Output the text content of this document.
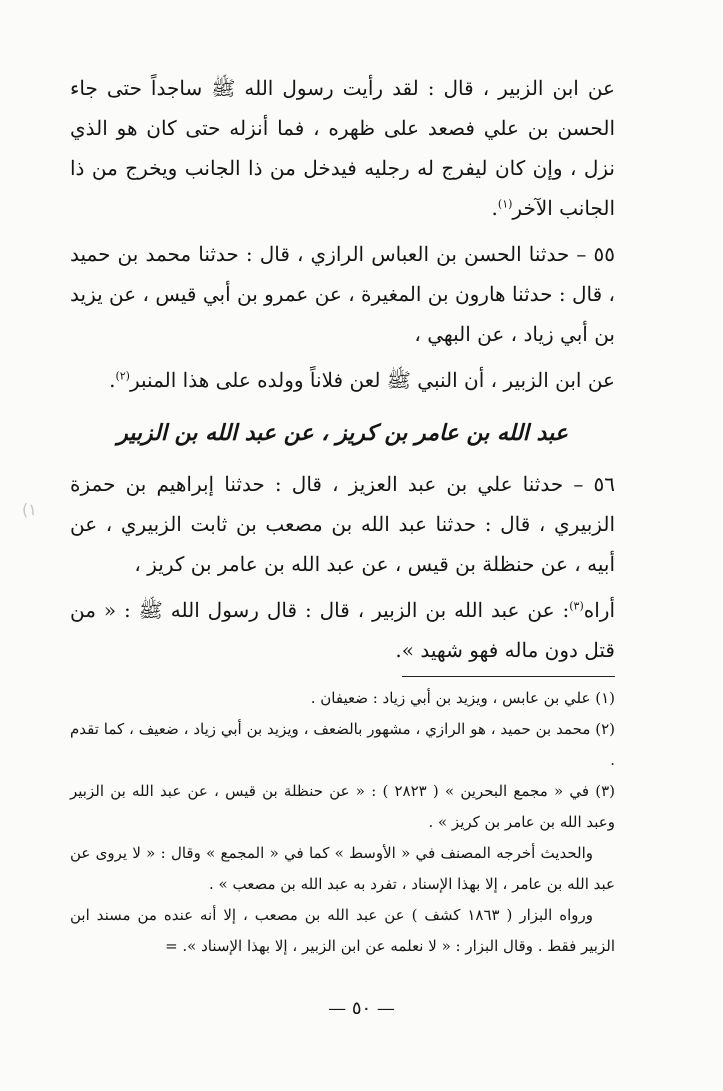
عن ابن الزبير ، قال : لقد رأيت رسول الله ﷺ ساجداً حتى جاء الحسن بن علي فصعد على ظهره ، فما أنزله حتى كان هو الذي نزل ، وإن كان ليفرج له رجليه فيدخل من ذا الجانب ويخرج من ذا الجانب الآخر$^{(١)}$.

٥٥ – حدثنا الحسن بن العباس الرازي ، قال : حدثنا محمد بن حميد ، قال : حدثنا هارون بن المغيرة ، عن عمرو بن أبي قيس ، عن يزيد بن أبي زياد ، عن البهي ،

عن ابن الزبير ، أن النبي ﷺ لعن فلاناً وولده على هذا المنبر$^{(٢)}$.

عبد الله بن عامر بن كريز ، عن عبد الله بن الزبير

٥٦ – حدثنا علي بن عبد العزيز ، قال : حدثنا إبراهيم بن حمزة الزبيري ، قال : حدثنا عبد الله بن مصعب بن ثابت الزبيري ، عن أبيه ، عن حنظلة بن قيس ، عن عبد الله بن عامر بن كريز ،

أراه$^{(٣)}$: عن عبد الله بن الزبير ، قال : قال رسول الله ﷺ : « من قتل دون ماله فهو شهيد ».

(١

(١) علي بن عابس ، ويزيد بن أبي زياد : ضعيفان .

(٢) محمد بن حميد ، هو الرازي ، مشهور بالضعف ، ويزيد بن أبي زياد ، ضعيف ، كما تقدم .

(٣) في « مجمع البحرين » ( ٢٨٢٣ ) : « عن حنظلة بن قيس ، عن عبد الله بن الزبير وعبد الله بن عامر بن كريز » .

والحديث أخرجه المصنف في « الأوسط » كما في « المجمع » وقال : « لا يروى عن عبد الله بن عامر ، إلا بهذا الإسناد ، تفرد به عبد الله بن مصعب » .

ورواه البزار ( ١٨٦٣ كشف ) عن عبد الله بن مصعب ، إلا أنه عنده من مسند ابن الزبير فقط . وقال البزار : « لا نعلمه عن ابن الزبير ، إلا بهذا الإسناد ». =

— ٥٠ —
